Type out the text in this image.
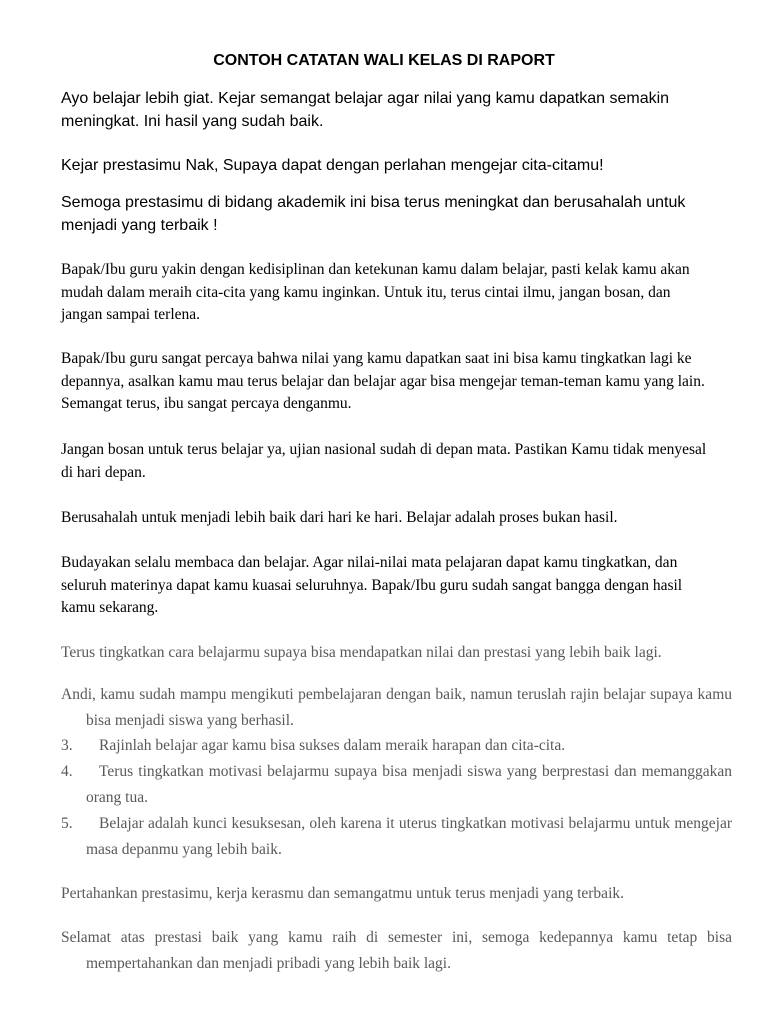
CONTOH CATATAN WALI KELAS DI RAPORT

Ayo belajar lebih giat. Kejar semangat belajar agar nilai yang kamu dapatkan semakin meningkat. Ini hasil yang sudah baik.

Kejar prestasimu Nak, Supaya dapat dengan perlahan mengejar cita-citamu!

Semoga prestasimu di bidang akademik ini bisa terus meningkat dan berusahalah untuk menjadi yang terbaik !

Bapak/Ibu guru yakin dengan kedisiplinan dan ketekunan kamu dalam belajar, pasti kelak kamu akan mudah dalam meraih cita-cita yang kamu inginkan. Untuk itu, terus cintai ilmu, jangan bosan, dan jangan sampai terlena.

Bapak/Ibu guru sangat percaya bahwa nilai yang kamu dapatkan saat ini bisa kamu tingkatkan lagi ke depannya, asalkan kamu mau terus belajar dan belajar agar bisa mengejar teman-teman kamu yang lain. Semangat terus, ibu sangat percaya denganmu.

Jangan bosan untuk terus belajar ya, ujian nasional sudah di depan mata. Pastikan Kamu tidak menyesal di hari depan.

Berusahalah untuk menjadi lebih baik dari hari ke hari. Belajar adalah proses bukan hasil.

Budayakan selalu membaca dan belajar. Agar nilai-nilai mata pelajaran dapat kamu tingkatkan, dan seluruh materinya dapat kamu kuasai seluruhnya. Bapak/Ibu guru sudah sangat bangga dengan hasil kamu sekarang.

Terus tingkatkan cara belajarmu supaya bisa mendapatkan nilai dan prestasi yang lebih baik lagi.

Andi, kamu sudah mampu mengikuti pembelajaran dengan baik, namun teruslah rajin belajar supaya kamu bisa menjadi siswa yang berhasil.

3. Rajinlah belajar agar kamu bisa sukses dalam meraik harapan dan cita-cita.

4. Terus tingkatkan motivasi belajarmu supaya bisa menjadi siswa yang berprestasi dan memanggakan orang tua.

5. Belajar adalah kunci kesuksesan, oleh karena it uterus tingkatkan motivasi belajarmu untuk mengejar masa depanmu yang lebih baik.

Pertahankan prestasimu, kerja kerasmu dan semangatmu untuk terus menjadi yang terbaik.

Selamat atas prestasi baik yang kamu raih di semester ini, semoga kedepannya kamu tetap bisa mempertahankan dan menjadi pribadi yang lebih baik lagi.
